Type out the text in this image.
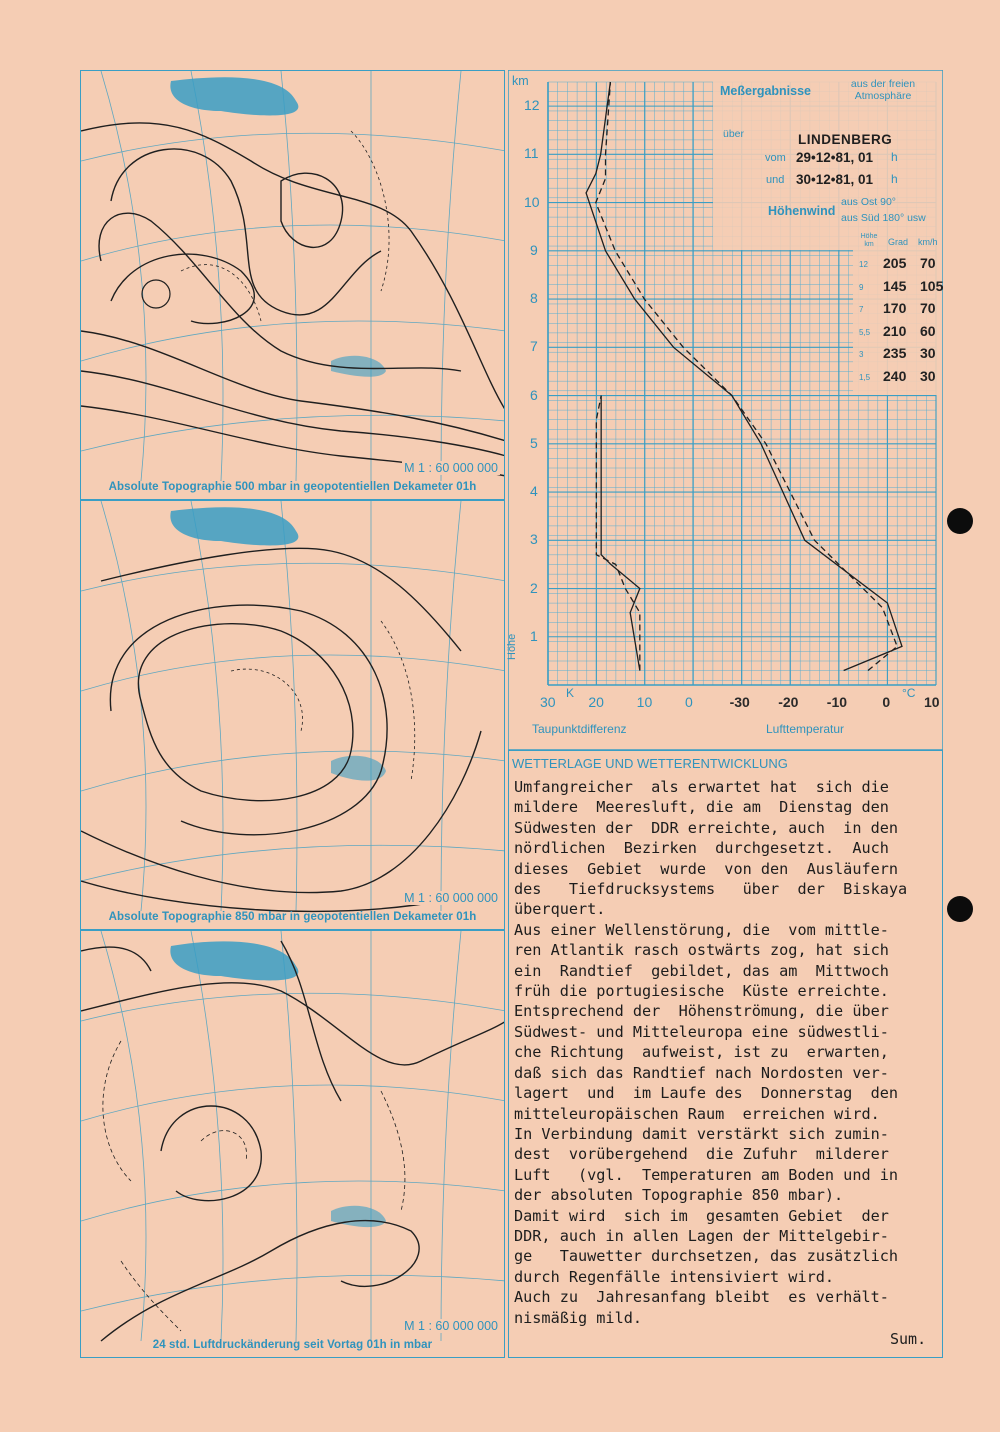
M 1 : 60 000 000
Absolute Topographie 500 mbar in geopotentiellen Dekameter 01h
M 1 : 60 000 000
Absolute Topographie 850 mbar in geopotentiellen Dekameter 01h
M 1 : 60 000 000
24 std. Luftdruckänderung seit Vortag 01h in mbar
km
12
11
10
9
8
7
6
5
4
3
2
1
Höhe
Meßergabnisse	aus der freien Atmosphäre
über	LINDENBERG
vom 29•12•81, 01 h
und 30•12•81, 01 h
Höhenwind
aus Ost 90°
aus Süd 180° usw
Höhe km	Grad km/h
K	°C
30 20 10 0	-30 -20 -10	0 10
Taupunktdifferenz	Lufttemperatur
12 205 70
9 145 105
7 170 70
5,5 210 60
3 235 30
1,5 240 30
WETTERLAGE UND WETTERENTWICKLUNG
Umfangreicher  als erwartet hat  sich die
mildere  Meeresluft, die am  Dienstag den
Südwesten der  DDR erreichte, auch  in den
nördlichen  Bezirken  durchgesetzt.  Auch
dieses  Gebiet  wurde  von den  Ausläufern
des   Tiefdrucksystems   über  der  Biskaya
überquert.
Aus einer Wellenstörung, die  vom mittle-
ren Atlantik rasch ostwärts zog, hat sich
ein  Randtief  gebildet, das am  Mittwoch
früh die portugiesische  Küste erreichte.
Entsprechend der  Höhenströmung, die über
Südwest- und Mitteleuropa eine südwestli-
che Richtung  aufweist, ist zu  erwarten,
daß sich das Randtief nach Nordosten ver-
lagert  und  im Laufe des  Donnerstag  den
mitteleuropäischen Raum  erreichen wird.
In Verbindung damit verstärkt sich zumin-
dest  vorübergehend  die Zufuhr  milderer
Luft   (vgl.  Temperaturen am Boden und in
der absoluten Topographie 850 mbar).
Damit wird  sich im  gesamten Gebiet  der
DDR, auch in allen Lagen der Mittelgebir-
ge   Tauwetter durchsetzen, das zusätzlich
durch Regenfälle intensiviert wird.
Auch zu  Jahresanfang bleibt  es verhält-
nismäßig mild.
Sum.
